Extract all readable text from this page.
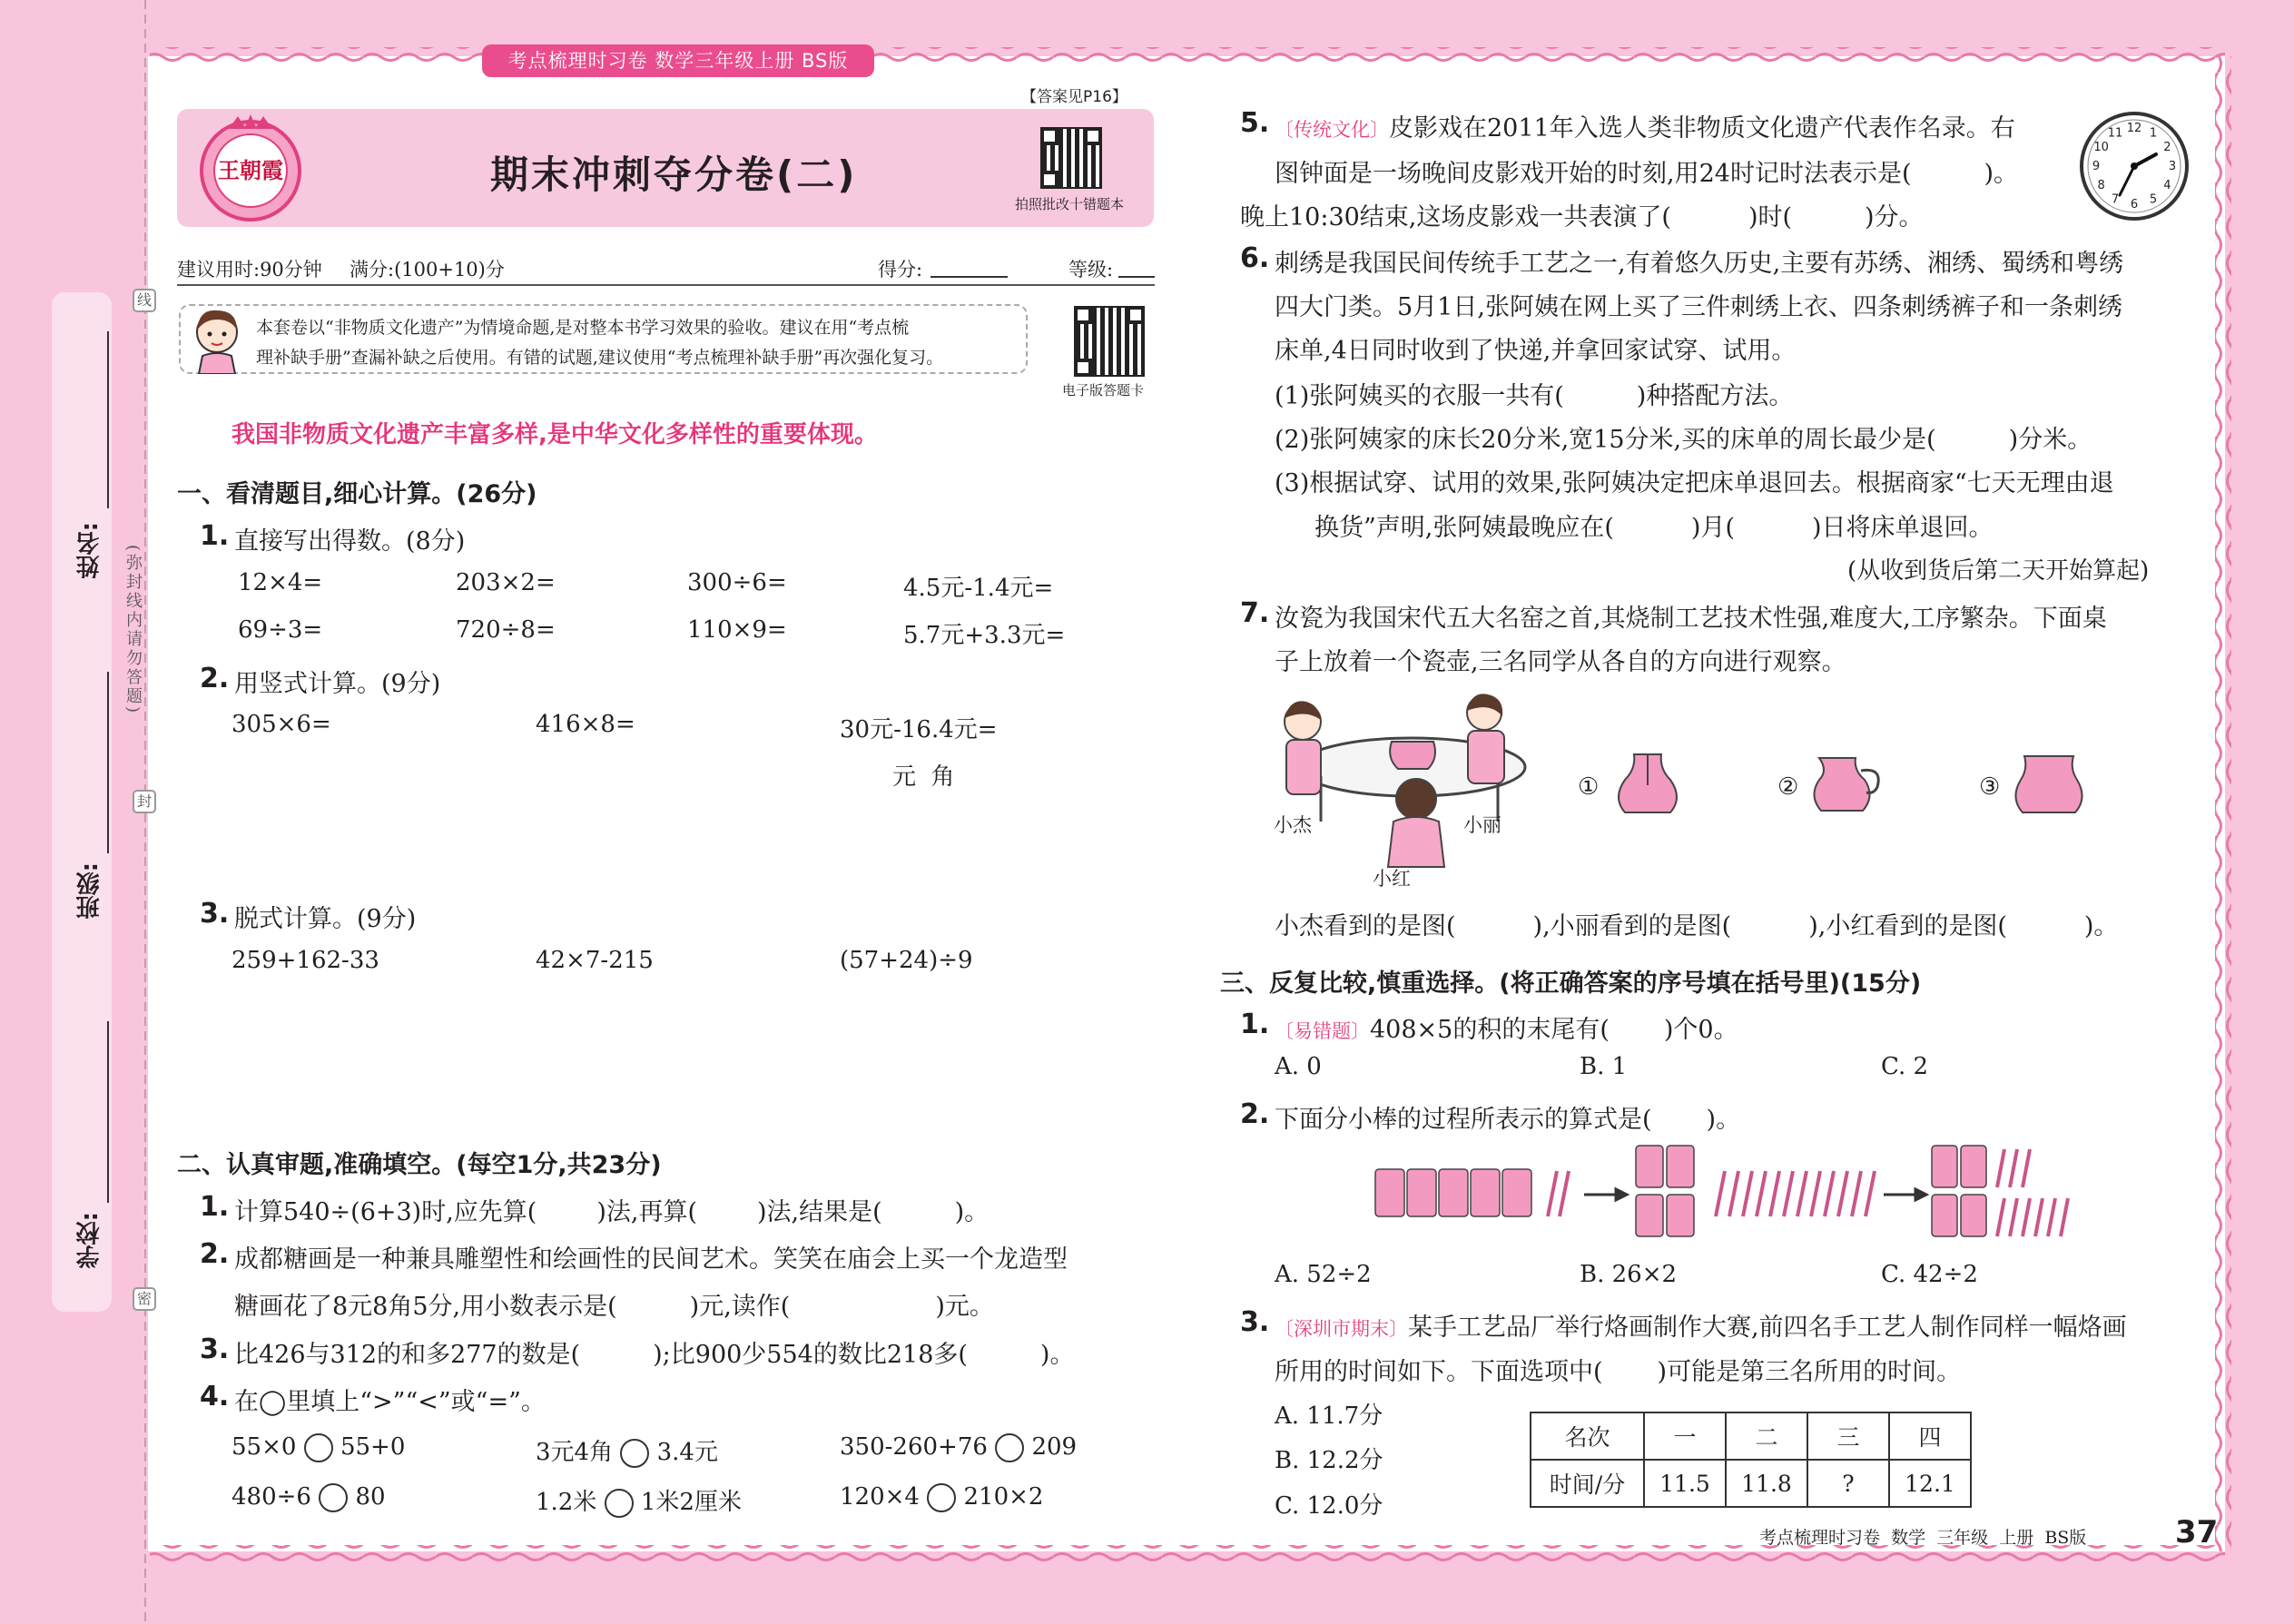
姓名:
班级:
学校:
(弥封线内请勿答题)
线
封
密
考点梳理时习卷 数学三年级上册 BS版
【答案见P16】
王朝霞	期末冲刺夺分卷(二)
拍照批改十错题本
建议用时:90分钟 满分:(100+10)分	得分:	等级:
本套卷以“非物质文化遗产”为情境命题,是对整本书学习效果的验收。建议在用“考点梳
理补缺手册”查漏补缺之后使用。有错的试题,建议使用“考点梳理补缺手册”再次强化复习。
电子版答题卡
我国非物质文化遗产丰富多样,是中华文化多样性的重要体现。
一、看清题目,细心计算。(26分)
1. 直接写出得数。(8分)
12×4=	203×2=	300÷6=	4.5元-1.4元=
69÷3=	720÷8=	110×9=	5.7元+3.3元=
2. 用竖式计算。(9分)
305×6=	416×8=	30元-16.4元=
元  角
3. 脱式计算。(9分)
259+162-33	42×7-215	(57+24)÷9
二、认真审题,准确填空。(每空1分,共23分)
1. 计算540÷(6+3)时,应先算( )法,再算( )法,结果是(	)。
2. 成都糖画是一种兼具雕塑性和绘画性的民间艺术。笑笑在庙会上买一个龙造型
糖画花了8元8角5分,用小数表示是(	)元,读作(	)元。
3. 比426与312的和多277的数是(	);比900少554的数比218多(	)。
4. 在◯里填上“>”“<”或“=”。
55×0 55+0	3元4角 3.4元	350-260+76 209
480÷6 80	1.2米 1米2厘米	120×4 210×2
5. 〔传统文化〕皮影戏在2011年入选人类非物质文化遗产代表作名录。右
图钟面是一场晚间皮影戏开始的时刻,用24时记时法表示是(	)。
晚上10:30结束,这场皮影戏一共表演了(	)时(	)分。
12 1
2
3
4
5
6
7
8
9
10
11
6. 刺绣是我国民间传统手工艺之一,有着悠久历史,主要有苏绣、湘绣、蜀绣和粤绣
四大门类。5月1日,张阿姨在网上买了三件刺绣上衣、四条刺绣裤子和一条刺绣
床单,4日同时收到了快递,并拿回家试穿、试用。
(1)张阿姨买的衣服一共有(	)种搭配方法。
(2)张阿姨家的床长20分米,宽15分米,买的床单的周长最少是(	)分米。
(3)根据试穿、试用的效果,张阿姨决定把床单退回去。根据商家“七天无理由退
换货”声明,张阿姨最晚应在(	)月(	)日将床单退回。
(从收到货后第二天开始算起)
7. 汝瓷为我国宋代五大名窑之首,其烧制工艺技术性强,难度大,工序繁杂。下面桌
子上放着一个瓷壶,三名同学从各自的方向进行观察。
小杰	小丽
小红
①	②	③
小杰看到的是图(	),小丽看到的是图(	),小红看到的是图(	)。
三、反复比较,慎重选择。(将正确答案的序号填在括号里)(15分)
1. 〔易错题〕408×5的积的末尾有( )个0。
A. 0	B. 1	C. 2
2. 下面分小棒的过程所表示的算式是( )。
A. 52÷2	B. 26×2	C. 42÷2
3. 〔深圳市期末〕某手工艺品厂举行烙画制作大赛,前四名手工艺人制作同样一幅烙画
所用的时间如下。下面选项中( )可能是第三名所用的时间。
A. 11.7分
B. 12.2分
C. 12.0分
名次	一	二	三	四
时间/分	11.5	11.8	?	12.1
考点梳理时习卷  数学  三年级  上册  BS版	37
